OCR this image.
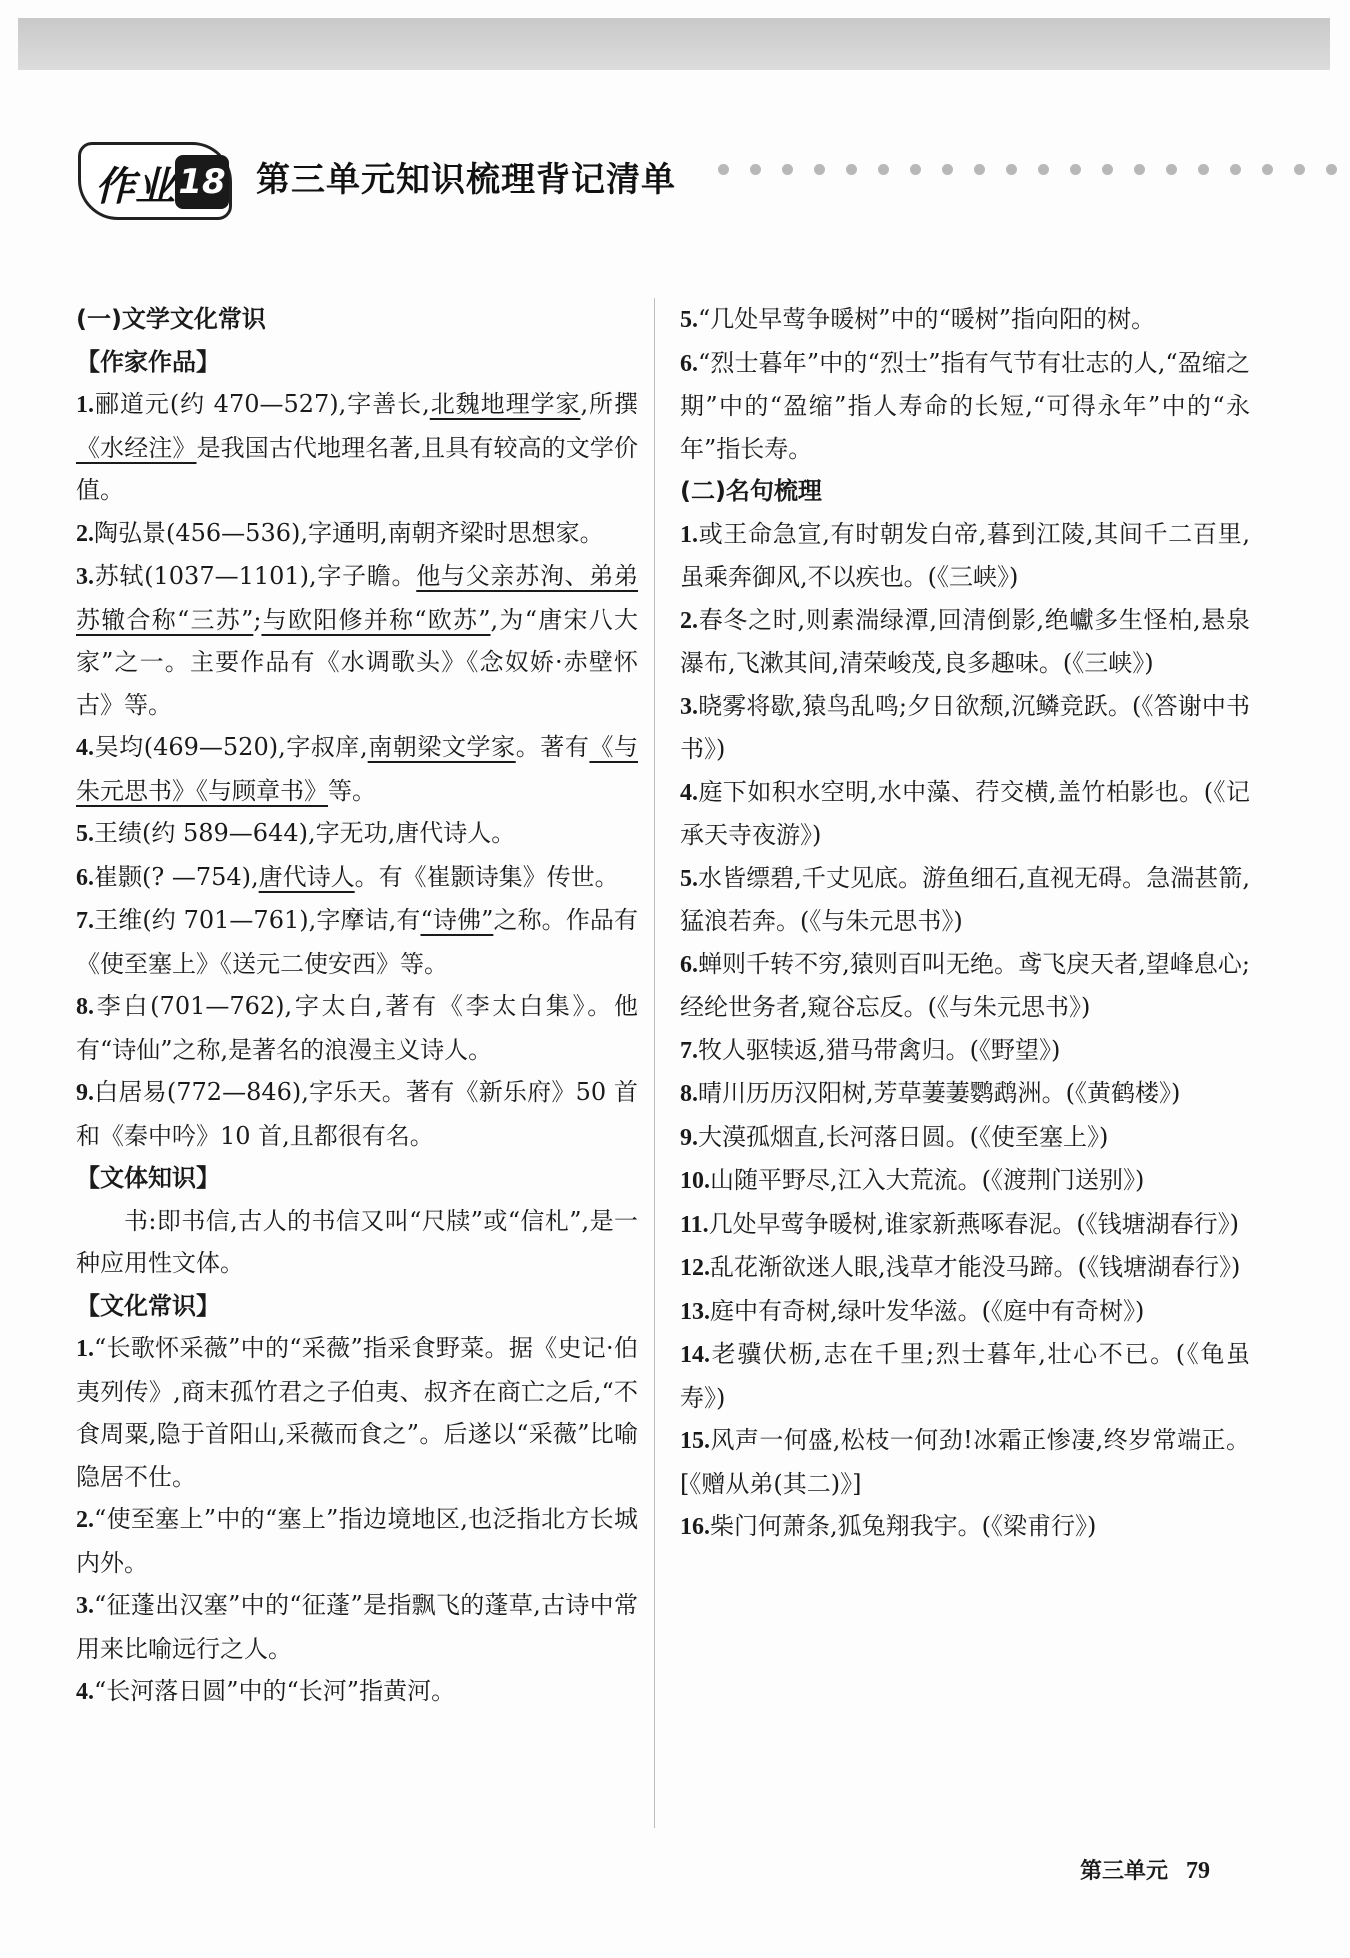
作业 18 第三单元知识梳理背记清单

(一)文学文化常识

【作家作品】

1.郦道元(约 470—527),字善长,北魏地理学家,所撰《水经注》是我国古代地理名著,且具有较高的文学价值。

2.陶弘景(456—536),字通明,南朝齐梁时思想家。

3.苏轼(1037—1101),字子瞻。他与父亲苏洵、弟弟苏辙合称“三苏”;与欧阳修并称“欧苏”,为“唐宋八大家”之一。主要作品有《水调歌头》《念奴娇·赤壁怀古》等。

4.吴均(469—520),字叔庠,南朝梁文学家。著有《与朱元思书》《与顾章书》等。

5.王绩(约 589—644),字无功,唐代诗人。

6.崔颢(? —754),唐代诗人。有《崔颢诗集》传世。

7.王维(约 701—761),字摩诘,有“诗佛”之称。作品有《使至塞上》《送元二使安西》等。

8.李白(701—762),字太白,著有《李太白集》。他有“诗仙”之称,是著名的浪漫主义诗人。

9.白居易(772—846),字乐天。著有《新乐府》50 首和《秦中吟》10 首,且都很有名。

【文体知识】

书:即书信,古人的书信又叫“尺牍”或“信札”,是一种应用性文体。

【文化常识】

1.“长歌怀采薇”中的“采薇”指采食野菜。据《史记·伯夷列传》,商末孤竹君之子伯夷、叔齐在商亡之后,“不食周粟,隐于首阳山,采薇而食之”。后遂以“采薇”比喻隐居不仕。

2.“使至塞上”中的“塞上”指边境地区,也泛指北方长城内外。

3.“征蓬出汉塞”中的“征蓬”是指飘飞的蓬草,古诗中常用来比喻远行之人。

4.“长河落日圆”中的“长河”指黄河。

5.“几处早莺争暖树”中的“暖树”指向阳的树。

6.“烈士暮年”中的“烈士”指有气节有壮志的人,“盈缩之期”中的“盈缩”指人寿命的长短,“可得永年”中的“永年”指长寿。

(二)名句梳理

1.或王命急宣,有时朝发白帝,暮到江陵,其间千二百里,虽乘奔御风,不以疾也。(《三峡》)

2.春冬之时,则素湍绿潭,回清倒影,绝巘多生怪柏,悬泉瀑布,飞漱其间,清荣峻茂,良多趣味。(《三峡》)

3.晓雾将歇,猿鸟乱鸣;夕日欲颓,沉鳞竞跃。(《答谢中书书》)

4.庭下如积水空明,水中藻、荇交横,盖竹柏影也。(《记承天寺夜游》)

5.水皆缥碧,千丈见底。游鱼细石,直视无碍。急湍甚箭,猛浪若奔。(《与朱元思书》)

6.蝉则千转不穷,猿则百叫无绝。鸢飞戾天者,望峰息心;经纶世务者,窥谷忘反。(《与朱元思书》)

7.牧人驱犊返,猎马带禽归。(《野望》)

8.晴川历历汉阳树,芳草萋萋鹦鹉洲。(《黄鹤楼》)

9.大漠孤烟直,长河落日圆。(《使至塞上》)

10.山随平野尽,江入大荒流。(《渡荆门送别》)

11.几处早莺争暖树,谁家新燕啄春泥。(《钱塘湖春行》)

12.乱花渐欲迷人眼,浅草才能没马蹄。(《钱塘湖春行》)

13.庭中有奇树,绿叶发华滋。(《庭中有奇树》)

14.老骥伏枥,志在千里;烈士暮年,壮心不已。(《龟虽寿》)

15.风声一何盛,松枝一何劲!冰霜正惨凄,终岁常端正。[《赠从弟(其二)》]

16.柴门何萧条,狐兔翔我宇。(《梁甫行》)

第三单元 79
